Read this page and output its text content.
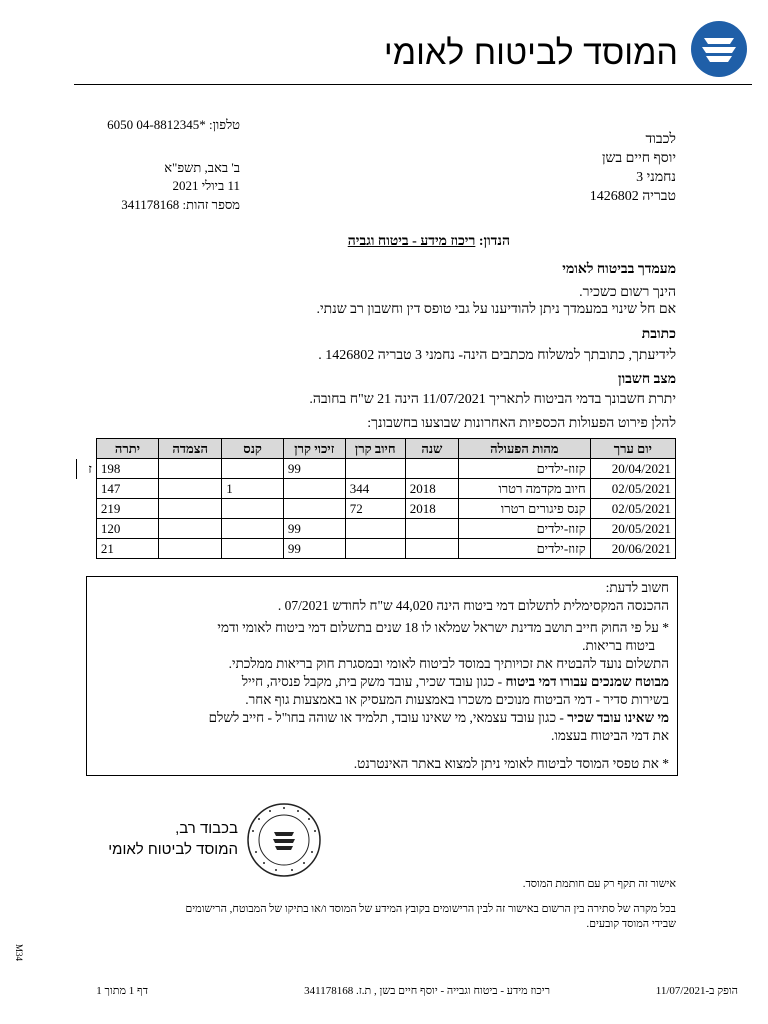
המוסד לביטוח לאומי
טלפון: 6050 04-8812345*
ב' באב, תשפ"א
11 ביולי 2021
מספר זהות: 341178168
לכבוד
יוסף חיים בשן
נחמני 3
טבריה 1426802
הנדון: ריכוז מידע - ביטוח וגביה
מעמדך בביטוח לאומי
הינך רשום כשכיר.
אם חל שינוי במעמדך ניתן להודיענו על גבי טופס דין וחשבון רב שנתי.
כתובת
לידיעתך, כתובתך למשלוח מכתבים הינה- נחמני 3 טבריה 1426802 .
מצב חשבון
יתרת חשבונך בדמי הביטוח לתאריך 11/07/2021 הינה 21 ש"ח בחובה.
להלן פירוט הפעולות הכספיות האחרונות שבוצעו בחשבונך:
יום ערך	מהות הפעולה	שנה	חיוב קרן	זיכוי קרן	קנס	הצמדה	יתרה	
20/04/2021	קזוז-ילדים			99			198	ז
02/05/2021	חיוב מקדמה רטרו	2018	344		1		147	
02/05/2021	קנס פיגורים רטרו	2018	72				219	
20/05/2021	קזוז-ילדים			99			120	
20/06/2021	קזוז-ילדים			99			21	
חשוב לדעת:
ההכנסה המקסימלית לתשלום דמי ביטוח הינה 44,020 ש"ח לחודש 07/2021 .
* על פי החוק חייב תושב מדינת ישראל שמלאו לו 18 שנים בתשלום דמי ביטוח לאומי ודמי
ביטוח בריאות.
התשלום נועד להבטיח את זכויותיך במוסד לביטוח לאומי ובמסגרת חוק בריאות ממלכתי.
מבוטח שמנכים עבורו דמי ביטוח - כגון עובד שכיר, עובד משק בית, מקבל פנסיה, חייל
בשירות סדיר - דמי הביטוח מנוכים משכרו באמצעות המעסיק או באמצעות גוף אחר.
מי שאינו עובד שכיר - כגון עובד עצמאי, מי שאינו עובד, תלמיד או שוהה בחו"ל - חייב לשלם
את דמי הביטוח בעצמו.
* את טפסי המוסד לביטוח לאומי ניתן למצוא באתר האינטרנט.
בכבוד רב,
המוסד לביטוח לאומי
אישור זה תקף רק עם חותמת המוסד.
בכל מקרה של סתירה בין הרשום באישור זה לבין הרישומים בקובץ המידע של המוסד ו/או בתיקו של המבוטח, הרישומים
שבידי המוסד קובעים.
M34
הופק ב-11/07/2021
ריכוז מידע - ביטוח וגבייה - יוסף חיים בשן , ת.ז. 341178168
דף 1 מתוך 1
